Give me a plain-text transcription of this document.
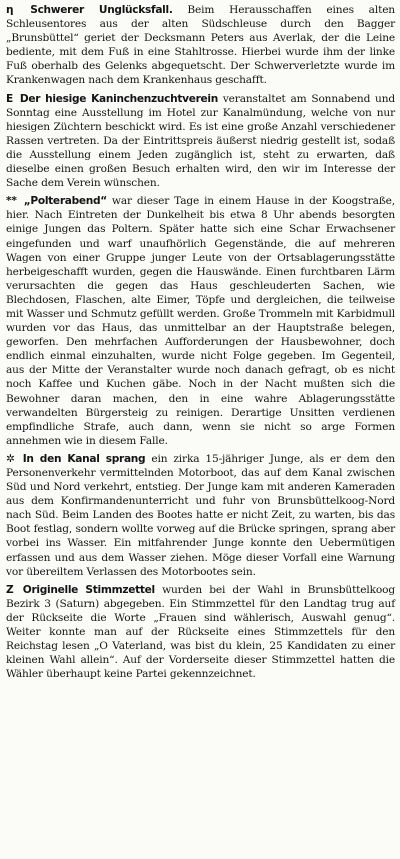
η Schwerer Unglücksfall. Beim Herausschaffen eines alten Schleusentores aus der alten Südschleuse durch den Bagger „Brunsbüttel“ geriet der Decksmann Peters aus Averlak, der die Leine bediente, mit dem Fuß in eine Stahltrosse. Hierbei wurde ihm der linke Fuß oberhalb des Gelenks abgequetscht. Der Schwerverletzte wurde im Krankenwagen nach dem Krankenhaus geschafft.

E Der hiesige Kaninchenzuchtverein veranstaltet am Sonnabend und Sonntag eine Ausstellung im Hotel zur Kanalmündung, welche von nur hiesigen Züchtern beschickt wird. Es ist eine große Anzahl verschiedener Rassen vertreten. Da der Eintrittspreis äußerst niedrig gestellt ist, sodaß die Ausstellung einem Jeden zugänglich ist, steht zu erwarten, daß dieselbe einen großen Besuch erhalten wird, den wir im Interesse der Sache dem Verein wünschen.

** „Polterabend“ war dieser Tage in einem Hause in der Koogstraße, hier. Nach Eintreten der Dunkelheit bis etwa 8 Uhr abends besorgten einige Jungen das Poltern. Später hatte sich eine Schar Erwachsener eingefunden und warf unaufhörlich Gegenstände, die auf mehreren Wagen von einer Gruppe junger Leute von der Ortsablagerungsstätte herbeigeschafft wurden, gegen die Hauswände. Einen furchtbaren Lärm verursachten die gegen das Haus geschleuderten Sachen, wie Blechdosen, Flaschen, alte Eimer, Töpfe und dergleichen, die teilweise mit Wasser und Schmutz gefüllt werden. Große Trommeln mit Karbidmull wurden vor das Haus, das unmittelbar an der Hauptstraße belegen, geworfen. Den mehrfachen Aufforderungen der Hausbewohner, doch endlich einmal einzuhalten, wurde nicht Folge gegeben. Im Gegenteil, aus der Mitte der Veranstalter wurde noch danach gefragt, ob es nicht noch Kaffee und Kuchen gäbe. Noch in der Nacht mußten sich die Bewohner daran machen, den in eine wahre Ablagerungsstätte verwandelten Bürgersteig zu reinigen. Derartige Unsitten verdienen empfindliche Strafe, auch dann, wenn sie nicht so arge Formen annehmen wie in diesem Falle.

✲ In den Kanal sprang ein zirka 15-jähriger Junge, als er dem den Personenverkehr vermittelnden Motorboot, das auf dem Kanal zwischen Süd und Nord verkehrt, entstieg. Der Junge kam mit anderen Kameraden aus dem Konfirmandenunterricht und fuhr von Brunsbüttelkoog-Nord nach Süd. Beim Landen des Bootes hatte er nicht Zeit, zu warten, bis das Boot festlag, sondern wollte vorweg auf die Brücke springen, sprang aber vorbei ins Wasser. Ein mitfahrender Junge konnte den Uebermütigen erfassen und aus dem Wasser ziehen. Möge dieser Vorfall eine Warnung vor übereiltem Verlassen des Motorbootes sein.

Z Originelle Stimmzettel wurden bei der Wahl in Brunsbüttelkoog Bezirk 3 (Saturn) abgegeben. Ein Stimmzettel für den Landtag trug auf der Rückseite die Worte „Frauen sind wählerisch, Auswahl genug“. Weiter konnte man auf der Rückseite eines Stimmzettels für den Reichstag lesen „O Vaterland, was bist du klein, 25 Kandidaten zu einer kleinen Wahl allein“. Auf der Vorderseite dieser Stimmzettel hatten die Wähler überhaupt keine Partei gekennzeichnet.
